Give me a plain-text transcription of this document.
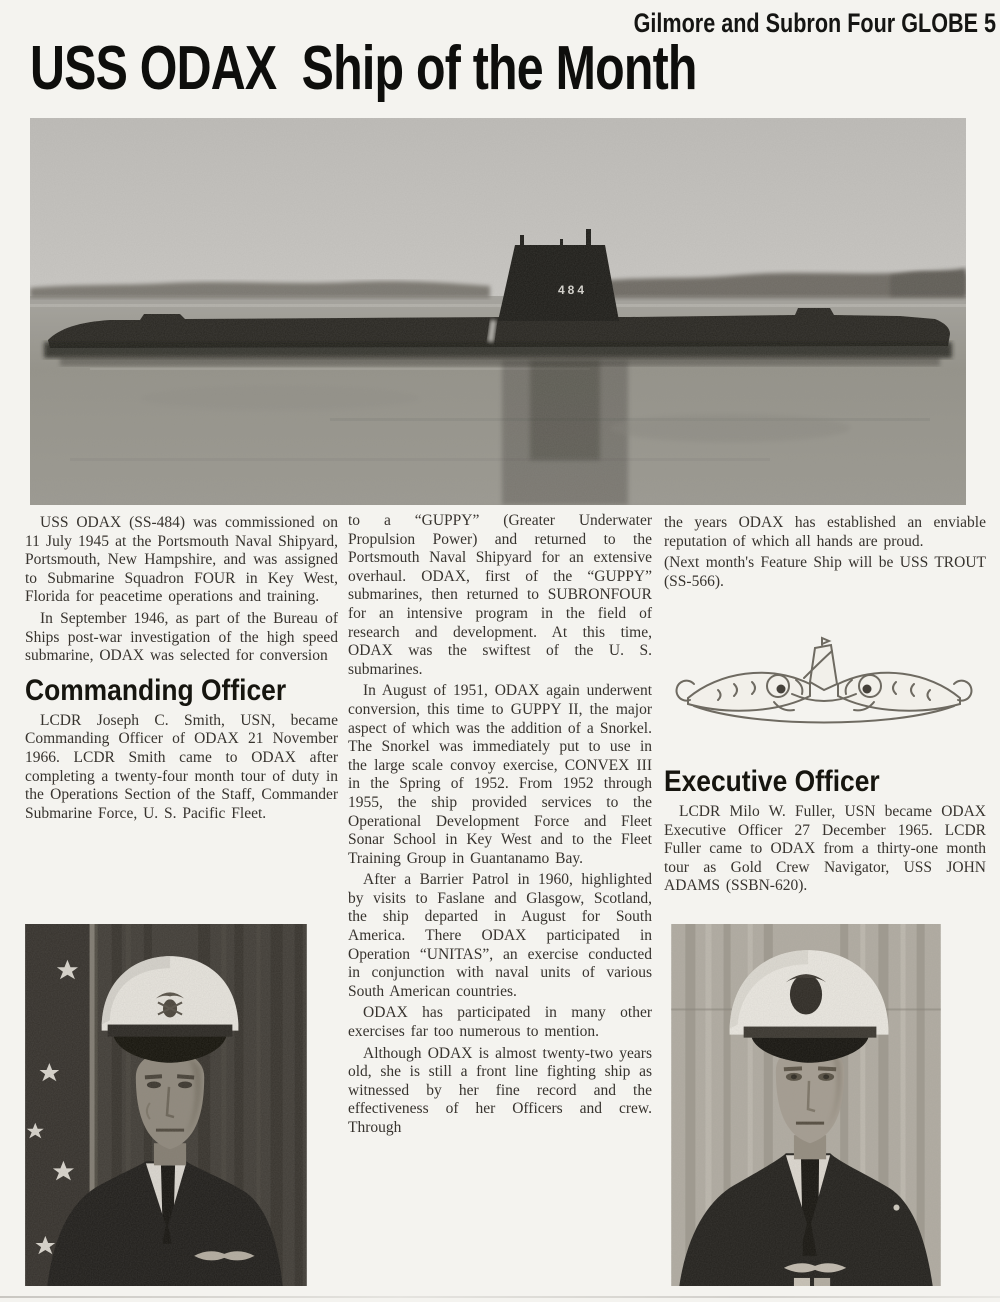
Gilmore and Subron Four GLOBE 5
USS ODAX  Ship of the Month

USS ODAX (SS-484) was commissioned on 11 July 1945 at the Portsmouth Naval Shipyard, Portsmouth, New Hampshire, and was assigned to Submarine Squadron FOUR in Key West, Florida for peacetime operations and training.

In September 1946, as part of the Bureau of Ships post-war investigation of the high speed submarine, ODAX was selected for conversion

Commanding Officer

LCDR Joseph C. Smith, USN, became Commanding Officer of ODAX 21 November 1966. LCDR Smith came to ODAX after completing a twenty-four month tour of duty in the Operations Section of the Staff, Commander Submarine Force, U. S. Pacific Fleet.

to a “GUPPY” (Greater Underwater Propulsion Power) and returned to the Portsmouth Naval Shipyard for an extensive overhaul. ODAX, first of the “GUPPY” submarines, then returned to SUBRONFOUR for an intensive program in the field of research and development. At this time, ODAX was the swiftest of the U. S. submarines.

In August of 1951, ODAX again underwent conversion, this time to GUPPY II, the major aspect of which was the addition of a Snorkel. The Snorkel was immediately put to use in the large scale convoy exercise, CONVEX III in the Spring of 1952. From 1952 through 1955, the ship provided services to the Operational Development Force and Fleet Sonar School in Key West and to the Fleet Training Group in Guantanamo Bay.

After a Barrier Patrol in 1960, highlighted by visits to Faslane and Glasgow, Scotland, the ship departed in August for South America. There ODAX participated in Operation “UNITAS”, an exercise conducted in conjunction with naval units of various South American countries.

ODAX has participated in many other exercises far too numerous to mention.

Although ODAX is almost twenty-two years old, she is still a front line fighting ship as witnessed by her fine record and the effectiveness of her Officers and crew. Through

the years ODAX has established an enviable reputation of which all hands are proud.

(Next month's Feature Ship will be USS TROUT (SS-566).

Executive Officer

LCDR Milo W. Fuller, USN became ODAX Executive Officer 27 December 1965. LCDR Fuller came to ODAX from a thirty-one month tour as Gold Crew Navigator, USS JOHN ADAMS (SSBN-620).
